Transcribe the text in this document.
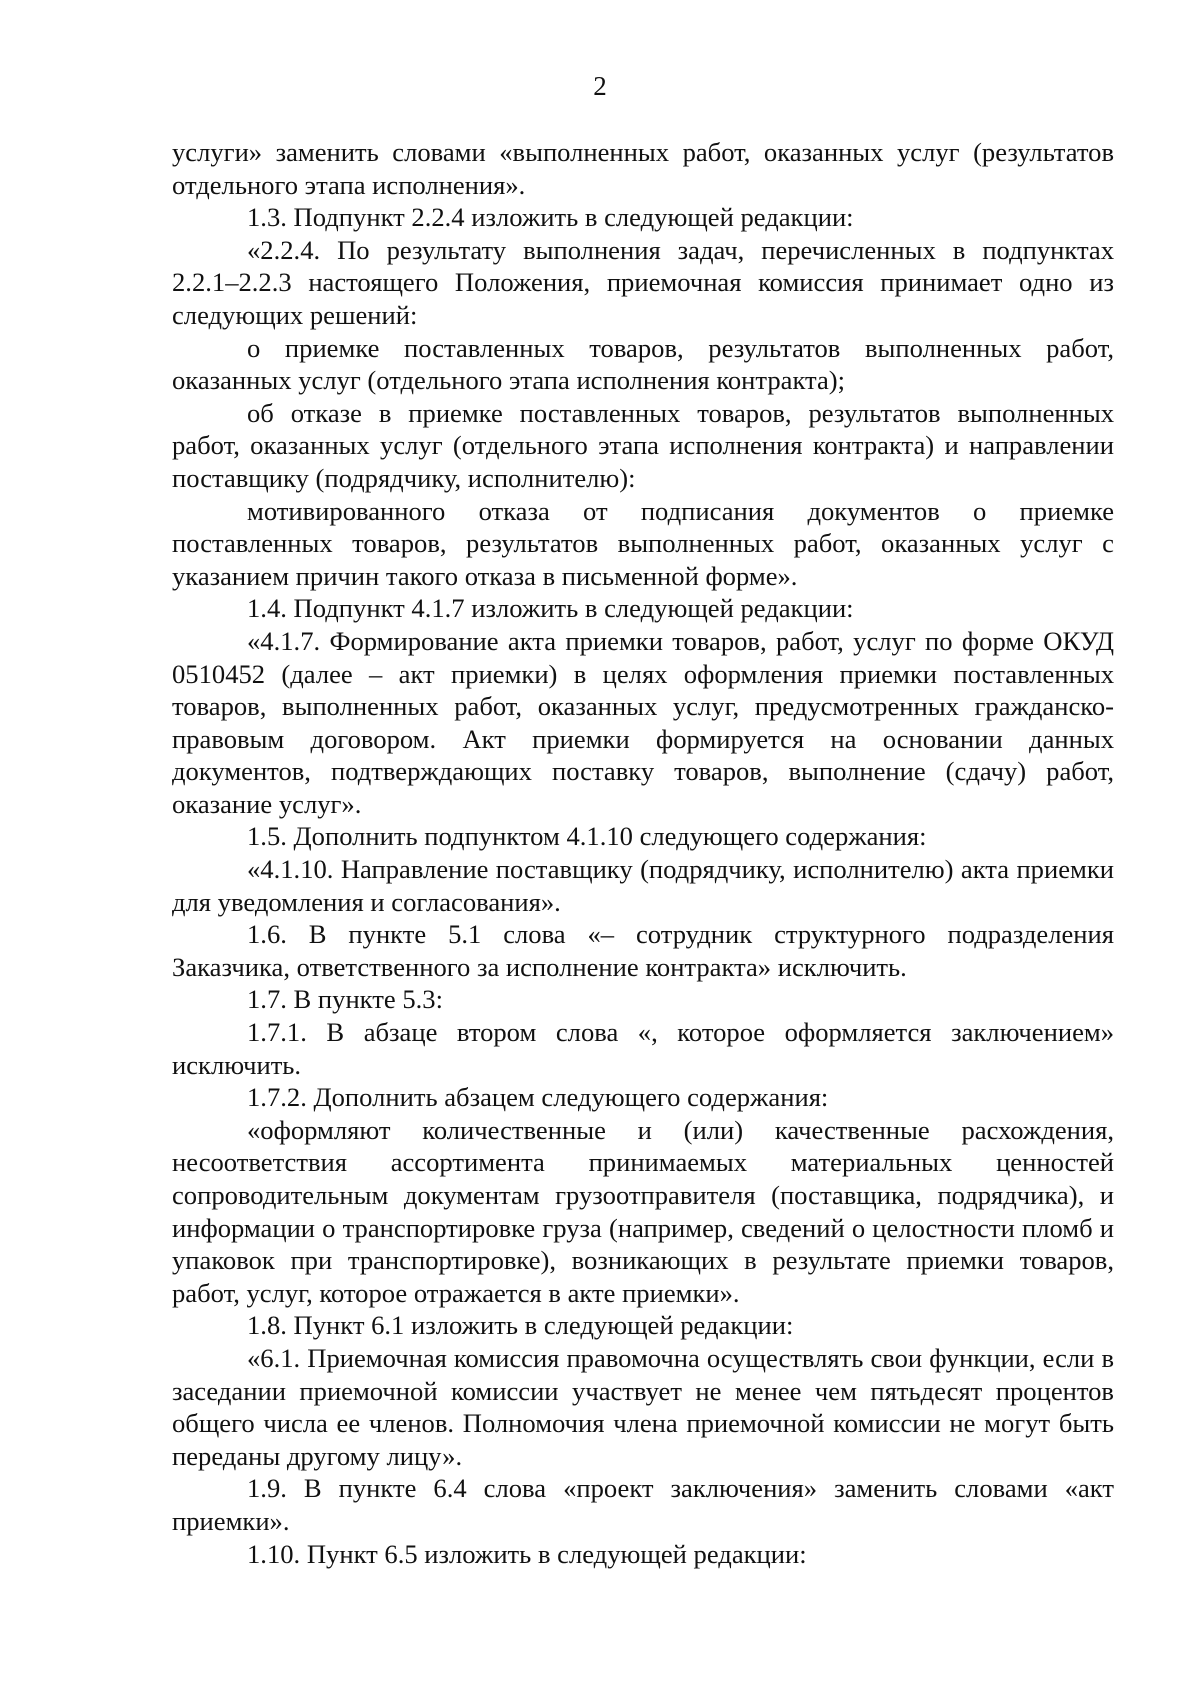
2

услуги» заменить словами «выполненных работ, оказанных услуг (результатов отдельного этапа исполнения».

1.3. Подпункт 2.2.4 изложить в следующей редакции:

«2.2.4. По результату выполнения задач, перечисленных в подпунктах 2.2.1–2.2.3 настоящего Положения, приемочная комиссия принимает одно из следующих решений:

о приемке поставленных товаров, результатов выполненных работ, оказанных услуг (отдельного этапа исполнения контракта);

об отказе в приемке поставленных товаров, результатов выполненных работ, оказанных услуг (отдельного этапа исполнения контракта) и направлении поставщику (подрядчику, исполнителю):

мотивированного отказа от подписания документов о приемке поставленных товаров, результатов выполненных работ, оказанных услуг с указанием причин такого отказа в письменной форме».

1.4. Подпункт 4.1.7 изложить в следующей редакции:

«4.1.7. Формирование акта приемки товаров, работ, услуг по форме ОКУД 0510452 (далее – акт приемки) в целях оформления приемки поставленных товаров, выполненных работ, оказанных услуг, предусмотренных гражданско-правовым договором. Акт приемки формируется на основании данных документов, подтверждающих поставку товаров, выполнение (сдачу) работ, оказание услуг».

1.5. Дополнить подпунктом 4.1.10 следующего содержания:

«4.1.10. Направление поставщику (подрядчику, исполнителю) акта приемки для уведомления и согласования».

1.6. В пункте 5.1 слова «– сотрудник структурного подразделения Заказчика, ответственного за исполнение контракта» исключить.

1.7. В пункте 5.3:

1.7.1. В абзаце втором слова «, которое оформляется заключением» исключить.

1.7.2. Дополнить абзацем следующего содержания:

«оформляют количественные и (или) качественные расхождения, несоответствия ассортимента принимаемых материальных ценностей сопроводительным документам грузоотправителя (поставщика, подрядчика), и информации о транспортировке груза (например, сведений о целостности пломб и упаковок при транспортировке), возникающих в результате приемки товаров, работ, услуг, которое отражается в акте приемки».

1.8. Пункт 6.1 изложить в следующей редакции:

«6.1. Приемочная комиссия правомочна осуществлять свои функции, если в заседании приемочной комиссии участвует не менее чем пятьдесят процентов общего числа ее членов. Полномочия члена приемочной комиссии не могут быть переданы другому лицу».

1.9. В пункте 6.4 слова «проект заключения» заменить словами «акт приемки».

1.10. Пункт 6.5 изложить в следующей редакции:
